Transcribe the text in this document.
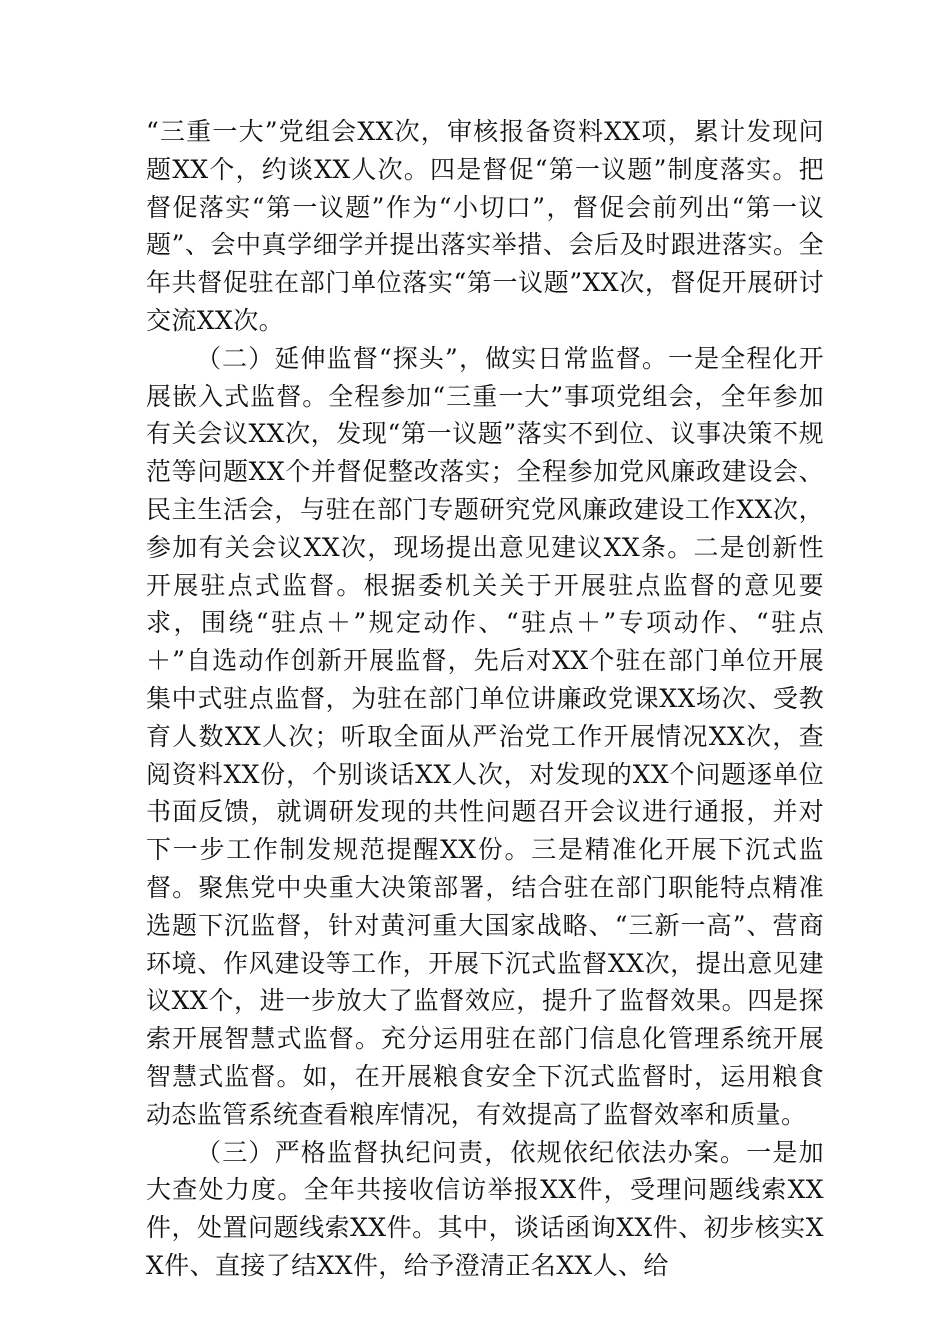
“三重一大”党组会XX次，审核报备资料XX项，累计发现问题XX个，约谈XX人次。四是督促“第一议题”制度落实。把督促落实“第一议题”作为“小切口”，督促会前列出“第一议题”、会中真学细学并提出落实举措、会后及时跟进落实。全年共督促驻在部门单位落实“第一议题”XX次，督促开展研讨交流XX次。

（二）延伸监督“探头”，做实日常监督。一是全程化开展嵌入式监督。全程参加“三重一大”事项党组会，全年参加有关会议XX次，发现“第一议题”落实不到位、议事决策不规范等问题XX个并督促整改落实；全程参加党风廉政建设会、民主生活会，与驻在部门专题研究党风廉政建设工作XX次，参加有关会议XX次，现场提出意见建议XX条。二是创新性开展驻点式监督。根据委机关关于开展驻点监督的意见要求，围绕“驻点＋”规定动作、“驻点＋”专项动作、“驻点＋”自选动作创新开展监督，先后对XX个驻在部门单位开展集中式驻点监督，为驻在部门单位讲廉政党课XX场次、受教育人数XX人次；听取全面从严治党工作开展情况XX次，查阅资料XX份，个别谈话XX人次，对发现的XX个问题逐单位书面反馈，就调研发现的共性问题召开会议进行通报，并对下一步工作制发规范提醒XX份。三是精准化开展下沉式监督。聚焦党中央重大决策部署，结合驻在部门职能特点精准选题下沉监督，针对黄河重大国家战略、“三新一高”、营商环境、作风建设等工作，开展下沉式监督XX次，提出意见建议XX个，进一步放大了监督效应，提升了监督效果。四是探索开展智慧式监督。充分运用驻在部门信息化管理系统开展智慧式监督。如，在开展粮食安全下沉式监督时，运用粮食动态监管系统查看粮库情况，有效提高了监督效率和质量。

（三）严格监督执纪问责，依规依纪依法办案。一是加大查处力度。全年共接收信访举报XX件，受理问题线索XX件，处置问题线索XX件。其中，谈话函询XX件、初步核实XX件、直接了结XX件，给予澄清正名XX人、给
